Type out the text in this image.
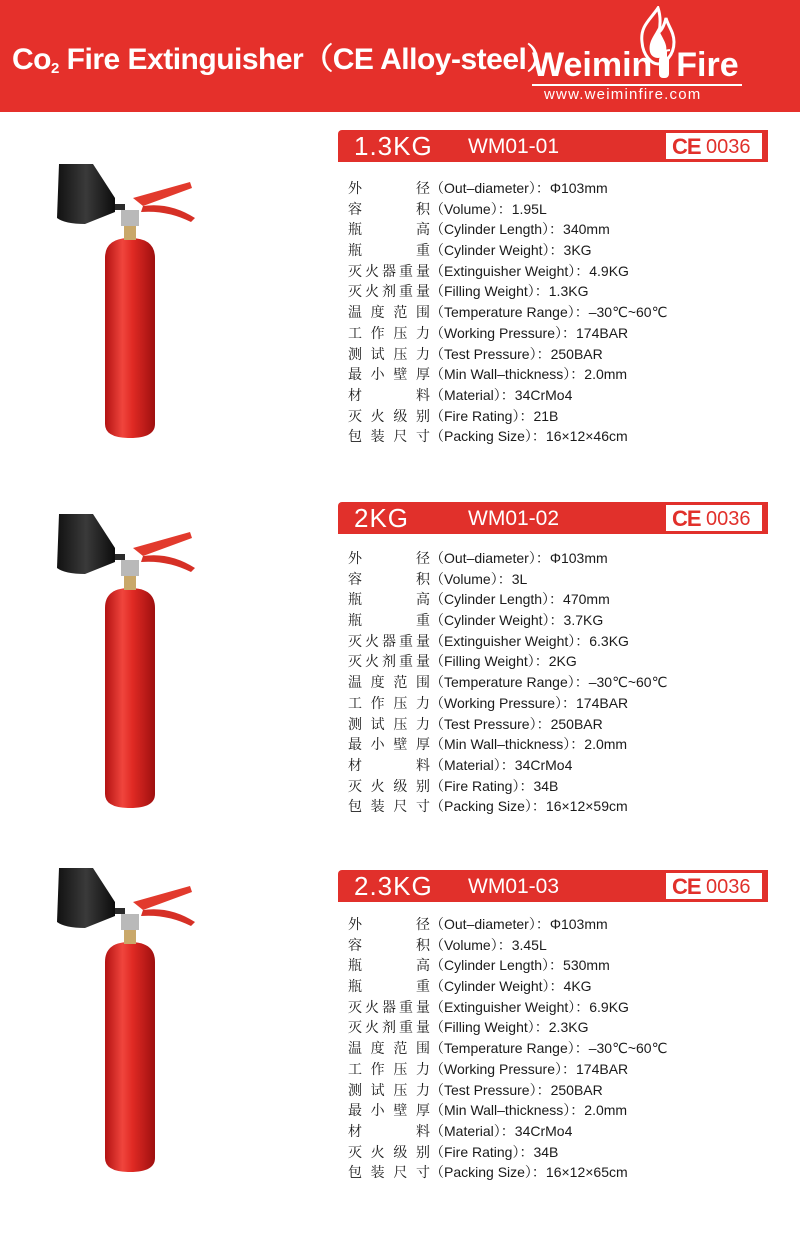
$Co_2$ Fire Extinguisher（CE Alloy-steel）
Weimin Fire
www.weiminfire.com
1.3KG WM01-01	CE 0036
外径（Out–diameter）：Φ103mm
容积（Volume）：1.95L
瓶高（Cylinder Length）：340mm
瓶重（Cylinder Weight）：3KG
灭火器重量（Extinguisher Weight）：4.9KG
灭火剂重量（Filling Weight）：1.3KG
温度范围（Temperature Range）：–30℃~60℃
工作压力（Working Pressure）：174BAR
测试压力（Test Pressure）：250BAR
最小壁厚（Min Wall–thickness）：2.0mm
材料（Material）：34CrMo4
灭火级别（Fire Rating）：21B
包装尺寸（Packing Size）：16×12×46cm
2KG	WM01-02	CE 0036
外径（Out–diameter）：Φ103mm
容积（Volume）：3L
瓶高（Cylinder Length）：470mm
瓶重（Cylinder Weight）：3.7KG
灭火器重量（Extinguisher Weight）：6.3KG
灭火剂重量（Filling Weight）：2KG
温度范围（Temperature Range）：–30℃~60℃
工作压力（Working Pressure）：174BAR
测试压力（Test Pressure）：250BAR
最小壁厚（Min Wall–thickness）：2.0mm
材料（Material）：34CrMo4
灭火级别（Fire Rating）：34B
包装尺寸（Packing Size）：16×12×59cm
2.3KG WM01-03	CE 0036
外径（Out–diameter）：Φ103mm
容积（Volume）：3.45L
瓶高（Cylinder Length）：530mm
瓶重（Cylinder Weight）：4KG
灭火器重量（Extinguisher Weight）：6.9KG
灭火剂重量（Filling Weight）：2.3KG
温度范围（Temperature Range）：–30℃~60℃
工作压力（Working Pressure）：174BAR
测试压力（Test Pressure）：250BAR
最小壁厚（Min Wall–thickness）：2.0mm
材料（Material）：34CrMo4
灭火级别（Fire Rating）：34B
包装尺寸（Packing Size）：16×12×65cm
